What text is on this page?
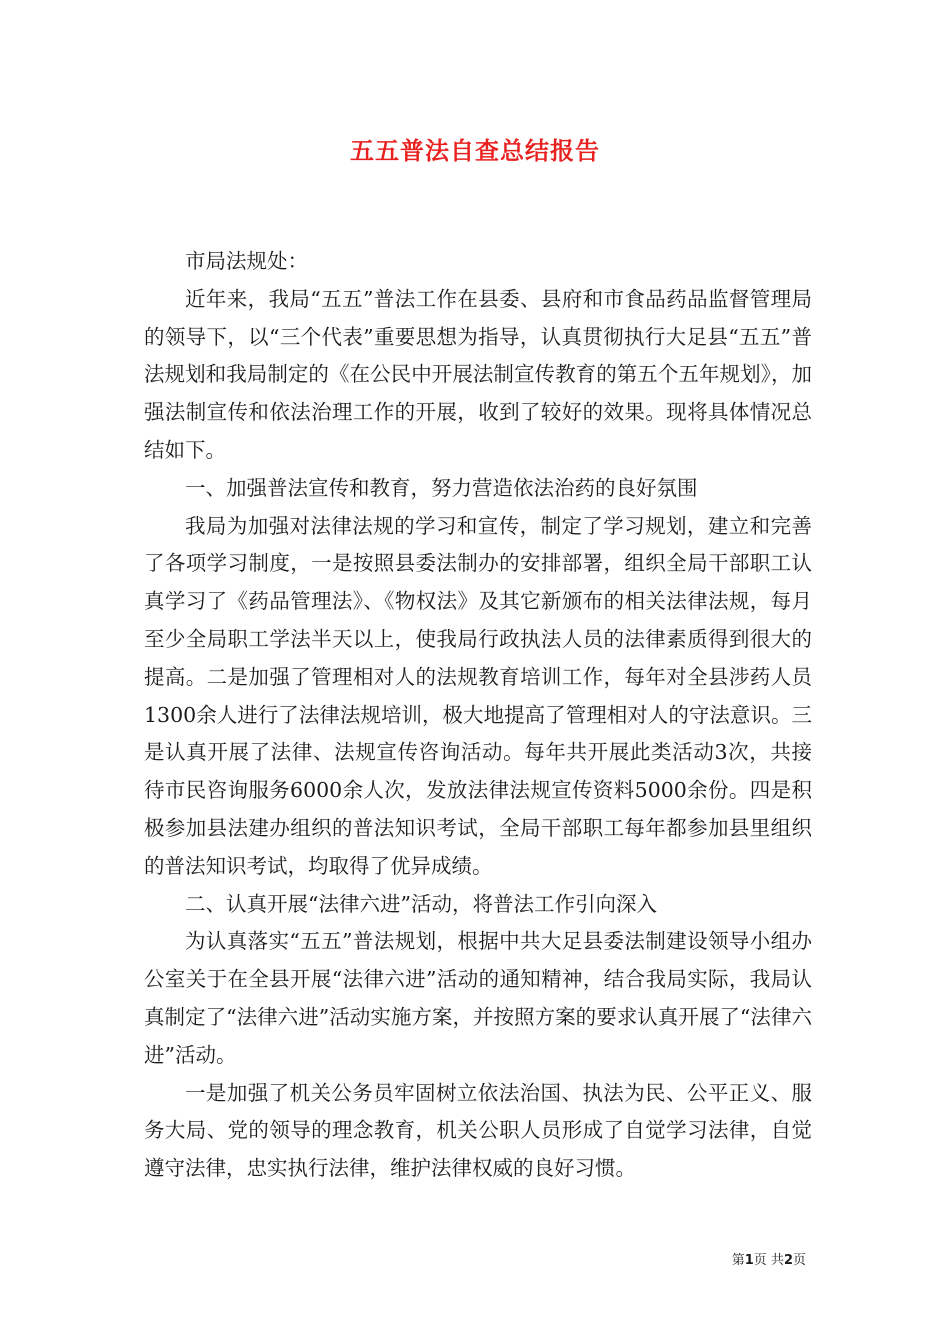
五五普法自查总结报告

市局法规处：

近年来，我局“五五”普法工作在县委、县府和市食品药品监督管理局的领导下，以“三个代表”重要思想为指导，认真贯彻执行大足县“五五”普法规划和我局制定的《在公民中开展法制宣传教育的第五个五年规划》，加强法制宣传和依法治理工作的开展，收到了较好的效果。现将具体情况总结如下。

一、加强普法宣传和教育，努力营造依法治药的良好氛围

我局为加强对法律法规的学习和宣传，制定了学习规划，建立和完善了各项学习制度，一是按照县委法制办的安排部署，组织全局干部职工认真学习了《药品管理法》、《物权法》及其它新颁布的相关法律法规，每月至少全局职工学法半天以上，使我局行政执法人员的法律素质得到很大的提高。二是加强了管理相对人的法规教育培训工作，每年对全县涉药人员1300余人进行了法律法规培训，极大地提高了管理相对人的守法意识。三是认真开展了法律、法规宣传咨询活动。每年共开展此类活动3次，共接待市民咨询服务6000余人次，发放法律法规宣传资料5000余份。四是积极参加县法建办组织的普法知识考试，全局干部职工每年都参加县里组织的普法知识考试，均取得了优异成绩。

二、认真开展“法律六进”活动，将普法工作引向深入

为认真落实“五五”普法规划，根据中共大足县委法制建设领导小组办公室关于在全县开展“法律六进”活动的通知精神，结合我局实际，我局认真制定了“法律六进”活动实施方案，并按照方案的要求认真开展了“法律六进”活动。

一是加强了机关公务员牢固树立依法治国、执法为民、公平正义、服务大局、党的领导的理念教育，机关公职人员形成了自觉学习法律，自觉遵守法律，忠实执行法律，维护法律权威的良好习惯。

第1页 共2页
